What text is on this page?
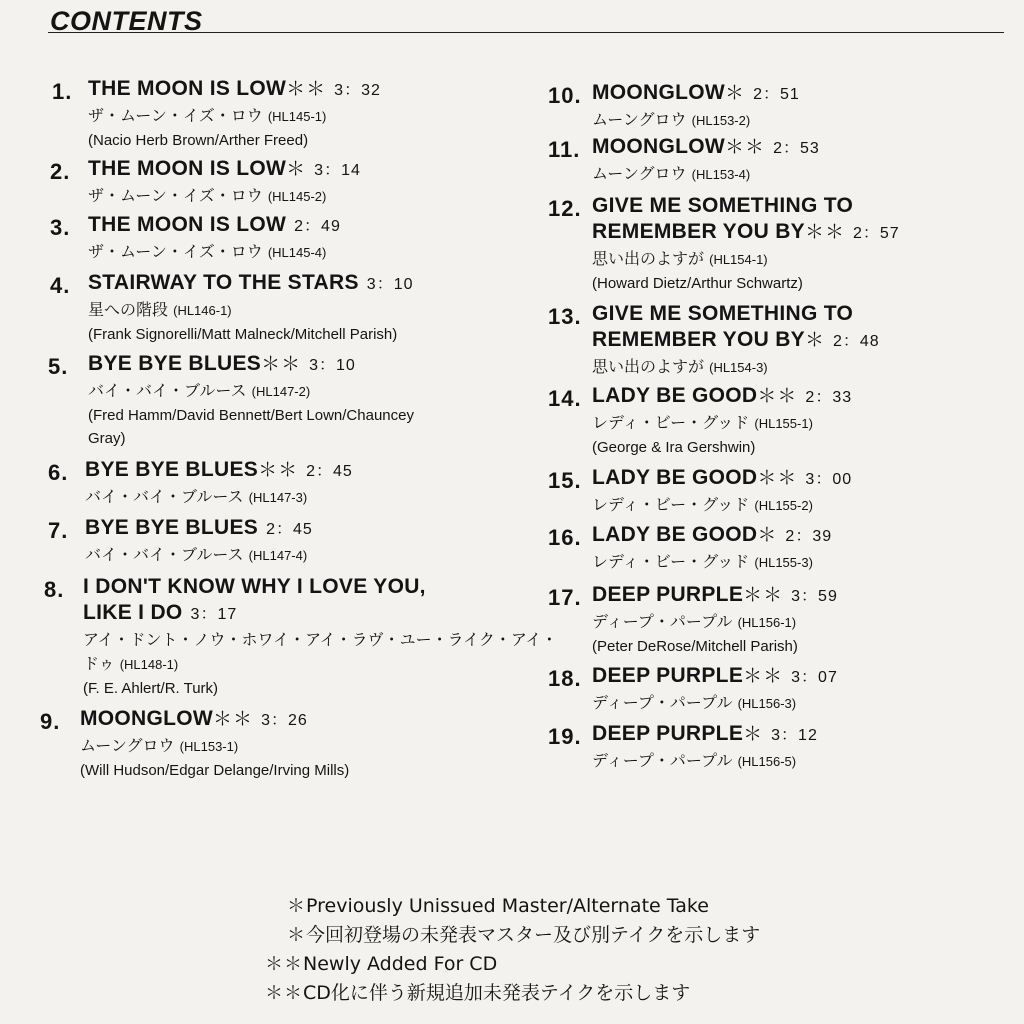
CONTENTS
1. THE MOON IS LOW＊＊ 3：32
ザ・ムーン・イズ・ロウ (HL145-1)
(Nacio Herb Brown/Arther Freed)
2. THE MOON IS LOW＊ 3：14
ザ・ムーン・イズ・ロウ (HL145-2)
3. THE MOON IS LOW 2：49
ザ・ムーン・イズ・ロウ (HL145-4)
4. STAIRWAY TO THE STARS 3：10
星への階段 (HL146-1)
(Frank Signorelli/Matt Malneck/Mitchell Parish)
5. BYE BYE BLUES＊＊ 3：10
バイ・バイ・ブルース (HL147-2)
(Fred Hamm/David Bennett/Bert Lown/Chauncey
Gray)
6. BYE BYE BLUES＊＊ 2：45
バイ・バイ・ブルース (HL147-3)
7. BYE BYE BLUES 2：45
バイ・バイ・ブルース (HL147-4)
8. I DON'T KNOW WHY I LOVE YOU,
LIKE I DO 3：17
アイ・ドント・ノウ・ホワイ・アイ・ラヴ・ユー・ライク・アイ・
ドゥ (HL148-1)
(F. E. Ahlert/R. Turk)
9. MOONGLOW＊＊ 3：26
ムーングロウ (HL153-1)
(Will Hudson/Edgar Delange/Irving Mills)
10. MOONGLOW＊ 2：51
ムーングロウ (HL153-2)
11. MOONGLOW＊＊ 2：53
ムーングロウ (HL153-4)
12. GIVE ME SOMETHING TO
REMEMBER YOU BY＊＊ 2：57
思い出のよすが (HL154-1)
(Howard Dietz/Arthur Schwartz)
13. GIVE ME SOMETHING TO
REMEMBER YOU BY＊ 2：48
思い出のよすが (HL154-3)
14. LADY BE GOOD＊＊ 2：33
レディ・ビー・グッド (HL155-1)
(George & Ira Gershwin)
15. LADY BE GOOD＊＊ 3：00
レディ・ビー・グッド (HL155-2)
16. LADY BE GOOD＊ 2：39
レディ・ビー・グッド (HL155-3)
17. DEEP PURPLE＊＊ 3：59
ディープ・パープル (HL156-1)
(Peter DeRose/Mitchell Parish)
18. DEEP PURPLE＊＊ 3：07
ディープ・パープル (HL156-3)
19. DEEP PURPLE＊ 3：12
ディープ・パープル (HL156-5)
＊Previously Unissued Master/Alternate Take
＊今回初登場の未発表マスター及び別テイクを示します
＊＊Newly Added For CD
＊＊CD化に伴う新規追加未発表テイクを示します
